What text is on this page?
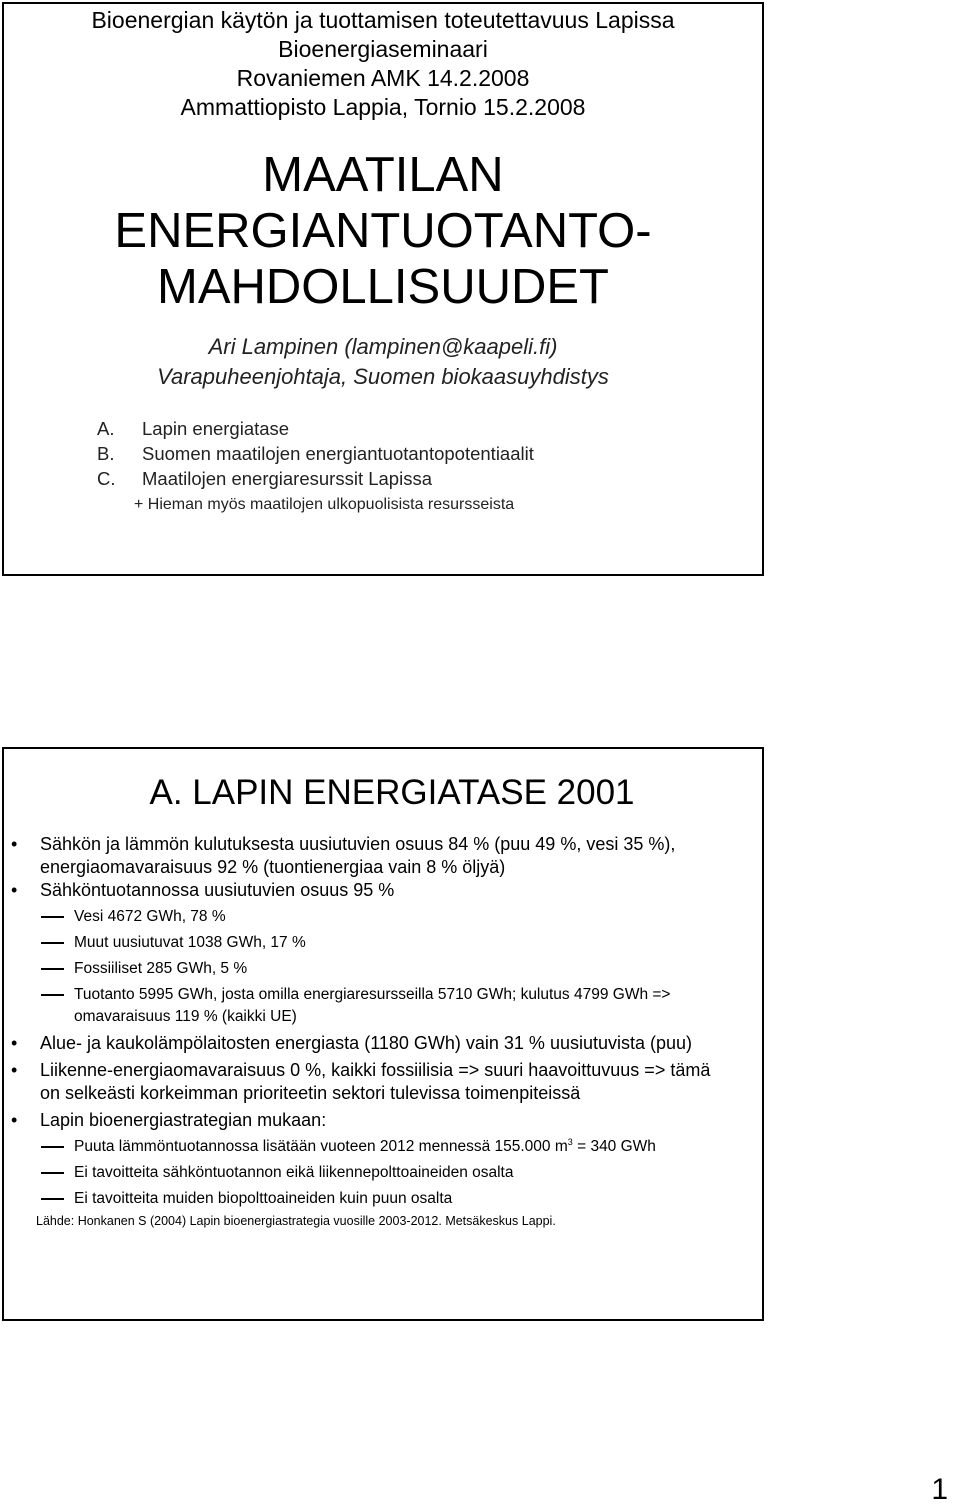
Bioenergian käytön ja tuottamisen toteutettavuus Lapissa
Bioenergiaseminaari
Rovaniemen AMK 14.2.2008
Ammattiopisto Lappia, Tornio 15.2.2008
MAATILAN
ENERGIANTUOTANTO-
MAHDOLLISUUDET
Ari Lampinen (lampinen@kaapeli.fi)
Varapuheenjohtaja, Suomen biokaasuyhdistys
A. Lapin energiatase
B. Suomen maatilojen energiantuotantopotentiaalit
C. Maatilojen energiaresurssit Lapissa
+ Hieman myös maatilojen ulkopuolisista resursseista
A. LAPIN ENERGIATASE 2001
• Sähkön ja lämmön kulutuksesta uusiutuvien osuus 84 % (puu 49 %, vesi 35 %), energiaomavaraisuus 92 % (tuontienergiaa vain 8 % öljyä)
• Sähköntuotannossa uusiutuvien osuus 95 %
Vesi 4672 GWh, 78 %
Muut uusiutuvat 1038 GWh, 17 %
Fossiiliset 285 GWh, 5 %
Tuotanto 5995 GWh, josta omilla energiaresursseilla 5710 GWh; kulutus 4799 GWh => omavaraisuus 119 % (kaikki UE)
• Alue- ja kaukolämpölaitosten energiasta (1180 GWh) vain 31 % uusiutuvista (puu)
• Liikenne-energiaomavaraisuus 0 %, kaikki fossiilisia => suuri haavoittuvuus => tämä on selkeästi korkeimman prioriteetin sektori tulevissa toimenpiteissä
• Lapin bioenergiastrategian mukaan:
Puuta lämmöntuotannossa lisätään vuoteen 2012 mennessä 155.000 $m^3 = 340$ GWh
Ei tavoitteita sähköntuotannon eikä liikennepolttoaineiden osalta
Ei tavoitteita muiden biopolttoaineiden kuin puun osalta
Lähde: Honkanen S (2004) Lapin bioenergiastrategia vuosille 2003-2012. Metsäkeskus Lappi.
1
